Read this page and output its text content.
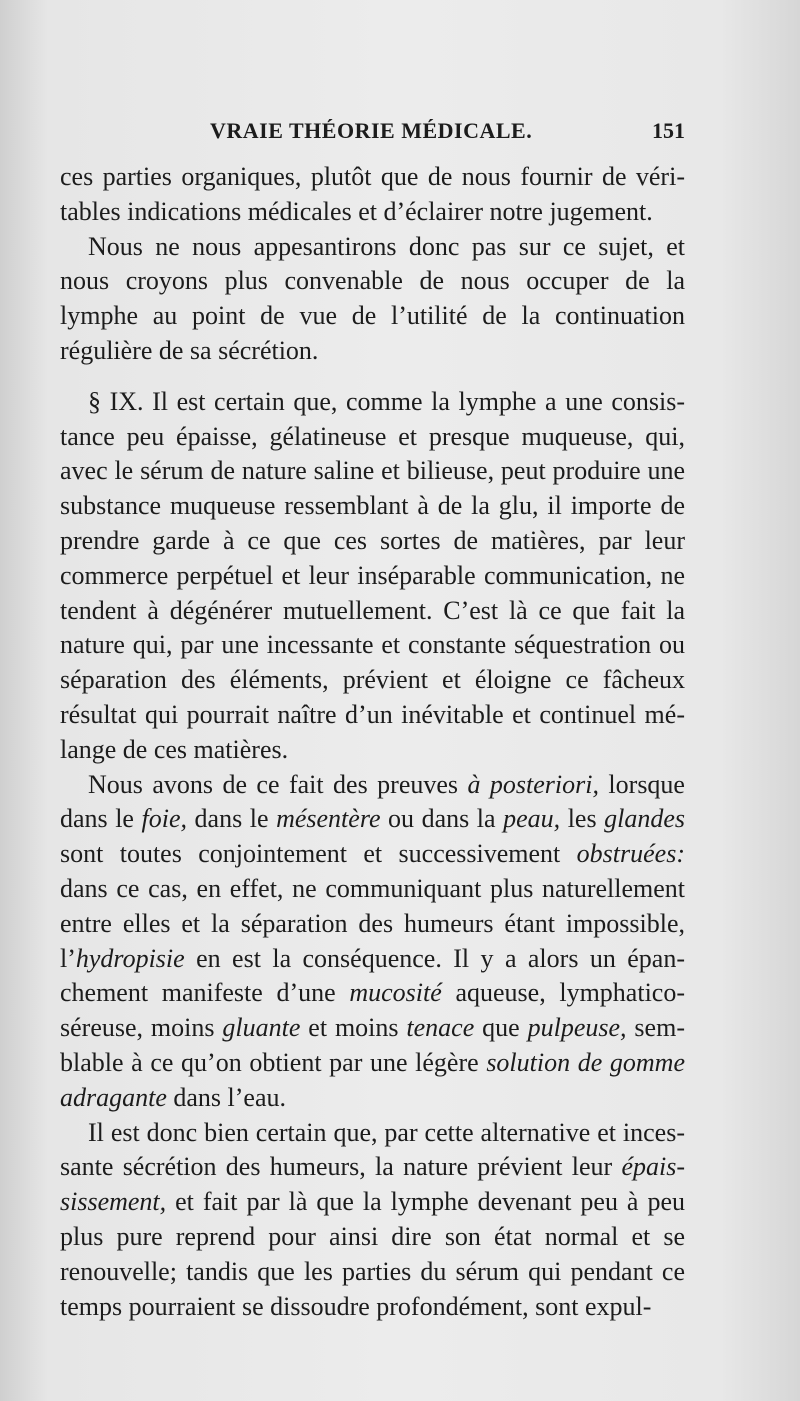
VRAIE THÉORIE MÉDICALE.	151

ces parties organiques, plutôt que de nous fournir de véritables indications médicales et d’éclairer notre jugement.

Nous ne nous appesantirons donc pas sur ce sujet, et nous croyons plus convenable de nous occuper de la lymphe au point de vue de l’utilité de la continuation régulière de sa sécrétion.

§ IX. Il est certain que, comme la lymphe a une consistance peu épaisse, gélatineuse et presque muqueuse, qui, avec le sérum de nature saline et bilieuse, peut produire une substance muqueuse ressemblant à de la glu, il importe de prendre garde à ce que ces sortes de matières, par leur commerce perpétuel et leur inséparable communication, ne tendent à dégénérer mutuellement. C’est là ce que fait la nature qui, par une incessante et constante séquestration ou séparation des éléments, prévient et éloigne ce fâcheux résultat qui pourrait naître d’un inévitable et continuel mélange de ces matières.

Nous avons de ce fait des preuves à posteriori, lorsque dans le foie, dans le mésentère ou dans la peau, les glandes sont toutes conjointement et successivement obstruées: dans ce cas, en effet, ne communiquant plus naturellement entre elles et la séparation des humeurs étant impossible, l’hydropisie en est la conséquence. Il y a alors un épanchement manifeste d’une mucosité aqueuse, lymphatico-séreuse, moins gluante et moins tenace que pulpeuse, semblable à ce qu’on obtient par une légère solution de gomme adragante dans l’eau.

Il est donc bien certain que, par cette alternative et incessante sécrétion des humeurs, la nature prévient leur épaississement, et fait par là que la lymphe devenant peu à peu plus pure reprend pour ainsi dire son état normal et se renouvelle; tandis que les parties du sérum qui pendant ce temps pourraient se dissoudre profondément, sont expul-
